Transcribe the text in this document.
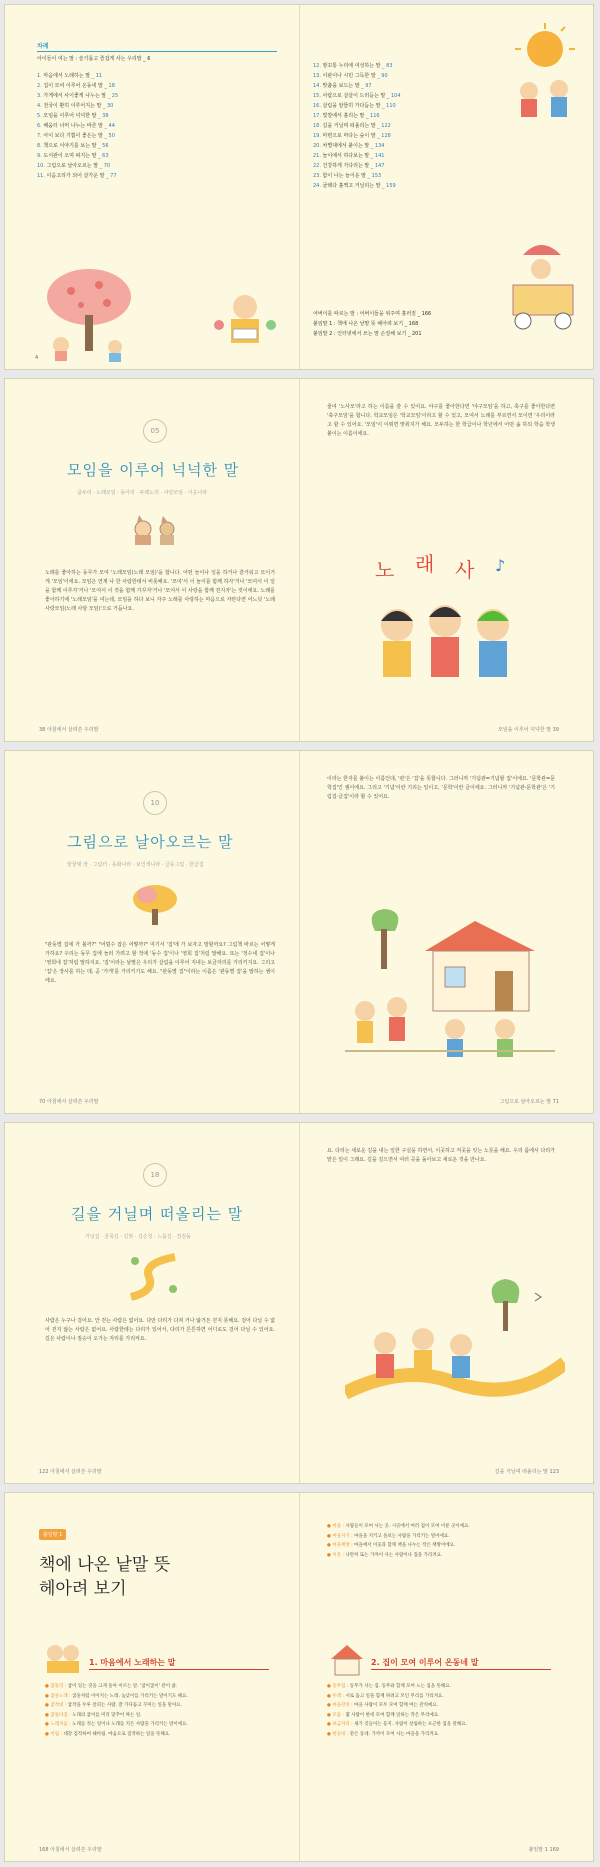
차례
아이들이 여는 말 : 슬기롭고 즐겁게 사는 우리말 _ 6
1. 마음에서 노래하는 말 _ 11
2. 집이 모여 이루어 온동네 말 _ 18
3. 가게에서 사이좋게 나누는 말 _ 25
4. 전국이 환히 이루어지는 말 _ 30
5. 모임을 이루어 넉넉한 말 _ 38
6. 배움터 너머 나누는 바른 말 _ 44
7. 아이 보다 기쁨이 좋은는 말 _ 50
8. 책으로 이야기를 보는 말 _ 56
9. 도서관이 오며 펴지는 말 _ 63
10. 그림으로 날아오르는 말 _ 70
11. 이음고리가 되어 살가운 말 _ 77
12. 땅꼬통 누리에 여성하는 말 _ 83
13. 이판이나 시민 그득한 말 _ 90
14. 맞춤을 보드는 말 _ 97
15. 사람으로 살살이 드러듣는 말 _ 104
16. 살림을 알뜰히 가다듬는 말 _ 110
17. 빛깔에서 흘리는 말 _ 116
18. 길을 거닐며 떠올리는 말 _ 122
19. 마련으로 마다는 숲이 말 _ 128
20. 차별대에서 붙이는 말 _ 134
21. 놀이에서 하다보는 말 _ 141
22. 건강하게 가다리는 말 _ 147
23. 함이 나는 놀이운 말 _ 153
24. 굴레다 흘쩍고 거닐리는 말 _ 159
어버이를 따르는 말 : 어버이들을 위주며 흘러질 _ 166
붙임말 1 : 책에 나온 날말 뜻 헤아려 보기 _ 168
붙임말 2 : 인터넷에서 쓰는 말 손질해 보기 _ 201
4
05
모임을 이루어 넉넉한 말
굽두리 · 노래모임 · 동아리 · 두레노리 · 사랑모임 · 이웃나라
노래를 좋아하는 동무가 모여 '노래모임(노래 모임)'을 합니다. 어떤 놀이나 일을 하거나 즐거워고 모이거게 '모임'이에요. 모임은 연계 나 한 사람한테서 비롯해요. '모여'서 이 놀이를 함께 하자'거나 '모여서 이 일을 함께 이루자'거나 '모여서 이 것을 함께 가꾸자'거나 '모여서 이 사랑을 함께 전지자'는 것이에요. 노래를 좋아하기에 '노래모임'을 여는데, 모임을 하다 보니 자주 노래를 사랑하는 마음으로 자란다면 어느덧 '노래사랑모임(노래 사랑 모임)'으로 거듭나요.
줄여 '노사모'라고 하는 이름을 쓸 수 있어요. 야구를 좋아한다면 '야구모임'을 하고, 축구를 좋아한다면 '축구모임'을 합니다. 학교모임은 '학교모임'이라고 할 수 있고, 모여서 노래를 부르면서 모이면 '우리이라고 할 수 있어요. '모임'이 이뤄면 맞춰지가 해요. 모두하는 한 학급이나 학년에서 어떤 솜 하되 학습 학생 붙이는 이름이에요.
노 래 사 ♪
38 아침에서 살려쓴 우리말	모임을 이루어 넉넉한 말 39
10
그림으로 날아오르는 말
꿈꿈탯 장 · 그림터 · 동화나라 · 보인색니라 · 글동그림 · 한글집
"관동별 집에 가 볼까?" "어릴수 잡은 어떻까?" 여기서 '집'에 가 보자고 말할까요? 그림책 바르는 어떻게 가하요? 우리는 동무 집에 놀러 가려고 할 적에 '동수 집'이나 '영희 집'처럼 말해요. 또는 '정수네 집'이나 '영희네 집'처럼 말하지요. '집'이라는 낱말은 우리가 살림을 이루어 지내는 보금자리를 가리키지요. 그리고 '집'은 장사를 하는 데, 곧 '가게'를 가리키기도 해요. "관동별 집"이라는 이름은 '관동별 집'을 말하는 셈이에요.
이라는 한자를 붙이는 이름인데, '관'은 '집'을 뜻합니다. 그러니까 '기념관=기념할 집'이에요. '문학관=문학집'인 셈이에요. 그리고 '기념'이란 기리는 일이고, '문학'이란 글이에요. 그러니까 '기념관·문학관'은 '기림집·글집'이라 할 수 있어요.
70 아침에서 살려쓴 우리말	그림으로 날아오르는 말 71
18
길을 거닐며 떠올리는 말
거닐길 · 골목길 · 길벗 · 길손칭 · 느릅길 · 징검돌
사람은 누구나 걸어요. 안 걷는 사람은 없어요. 다만 다리가 다쳐 거나 앓거든 걷지 못해요. 걸어 다닐 수 없어 걷지 않는 사람은 없어요. 사람한테는 다리가 있어서, 다리가 튼튼하면 어디로도 걸어 다닐 수 있어요. 길은 사람이나 짐승이 오가는 자리를 가리켜요.
요. 다리는 새로운 길을 내는 일한 구실을 하면서, 이곳하고 저곳을 잇는 노릇을 해요. 우리 몸에서 다리가 맡은 일이 그래요. 길을 걸으면서 여러 곳을 돌아보고 새로운 것을 만나요.
122 아침에서 살려쓴 우리말	길을 거닐며 떠올리는 말 123
붙임말 1
책에 나온 낱말 뜻
헤아려 보기
1. 마음에서 노래하는 말
● 굽돌리 : 굽이 있는 것을 크게 돌아 이르는 말. '굽이굽이' 같이 씀.
● 굽돌노래 : 굽돌처럼 이어지는 노래. 높낮이를 가리키는 말이기도 해요.
● 굽작대 : 굽작을 두루 살피는 사람. 잘 가다듬고 꾸미는 일을 맡아요.
● 굽돌다짐 : 노래의 굽이를 미리 맞추어 짜는 일.
● 노래지음 : 노래를 짓는 일이나 노래를 지은 사람을 가리키는 말이에요.
● 어림 : 대강 짐작하여 헤아림. 마음으로 짐작하는 일을 뜻해요.
● 마을 : 사람들이 모여 사는 곳. 시골에서 여러 집이 모여 이룬 곳이에요.
● 마을지기 : 마을을 지키고 돌보는 사람을 가리키는 말이에요.
● 마을책방 : 마을에서 이웃과 함께 책을 나누는 작은 책방이에요.
● 이웃 : 나란히 또는 가까이 사는 사람이나 집을 가리켜요.
2. 집이 모여 이루어 온동네 말
● 동무집 : 동무가 사는 집. 동무와 함께 모여 노는 집을 뜻해요.
● 두레 : 서로 돕고 일을 함께 하려고 모인 무리를 가리켜요.
● 마을잔치 : 마을 사람이 모두 모여 함께 여는 잔치예요.
● 모둠 : 몇 사람이 한데 모여 함께 일하는 작은 무리예요.
● 보금자리 : 새가 깃들이는 둥지. 사람이 살림하는 포근한 집을 말해요.
● 한동네 : 같은 동네. 가까이 모여 사는 마을을 가리켜요.
168 아침에서 살려쓴 우리말	붙임말 1 169
